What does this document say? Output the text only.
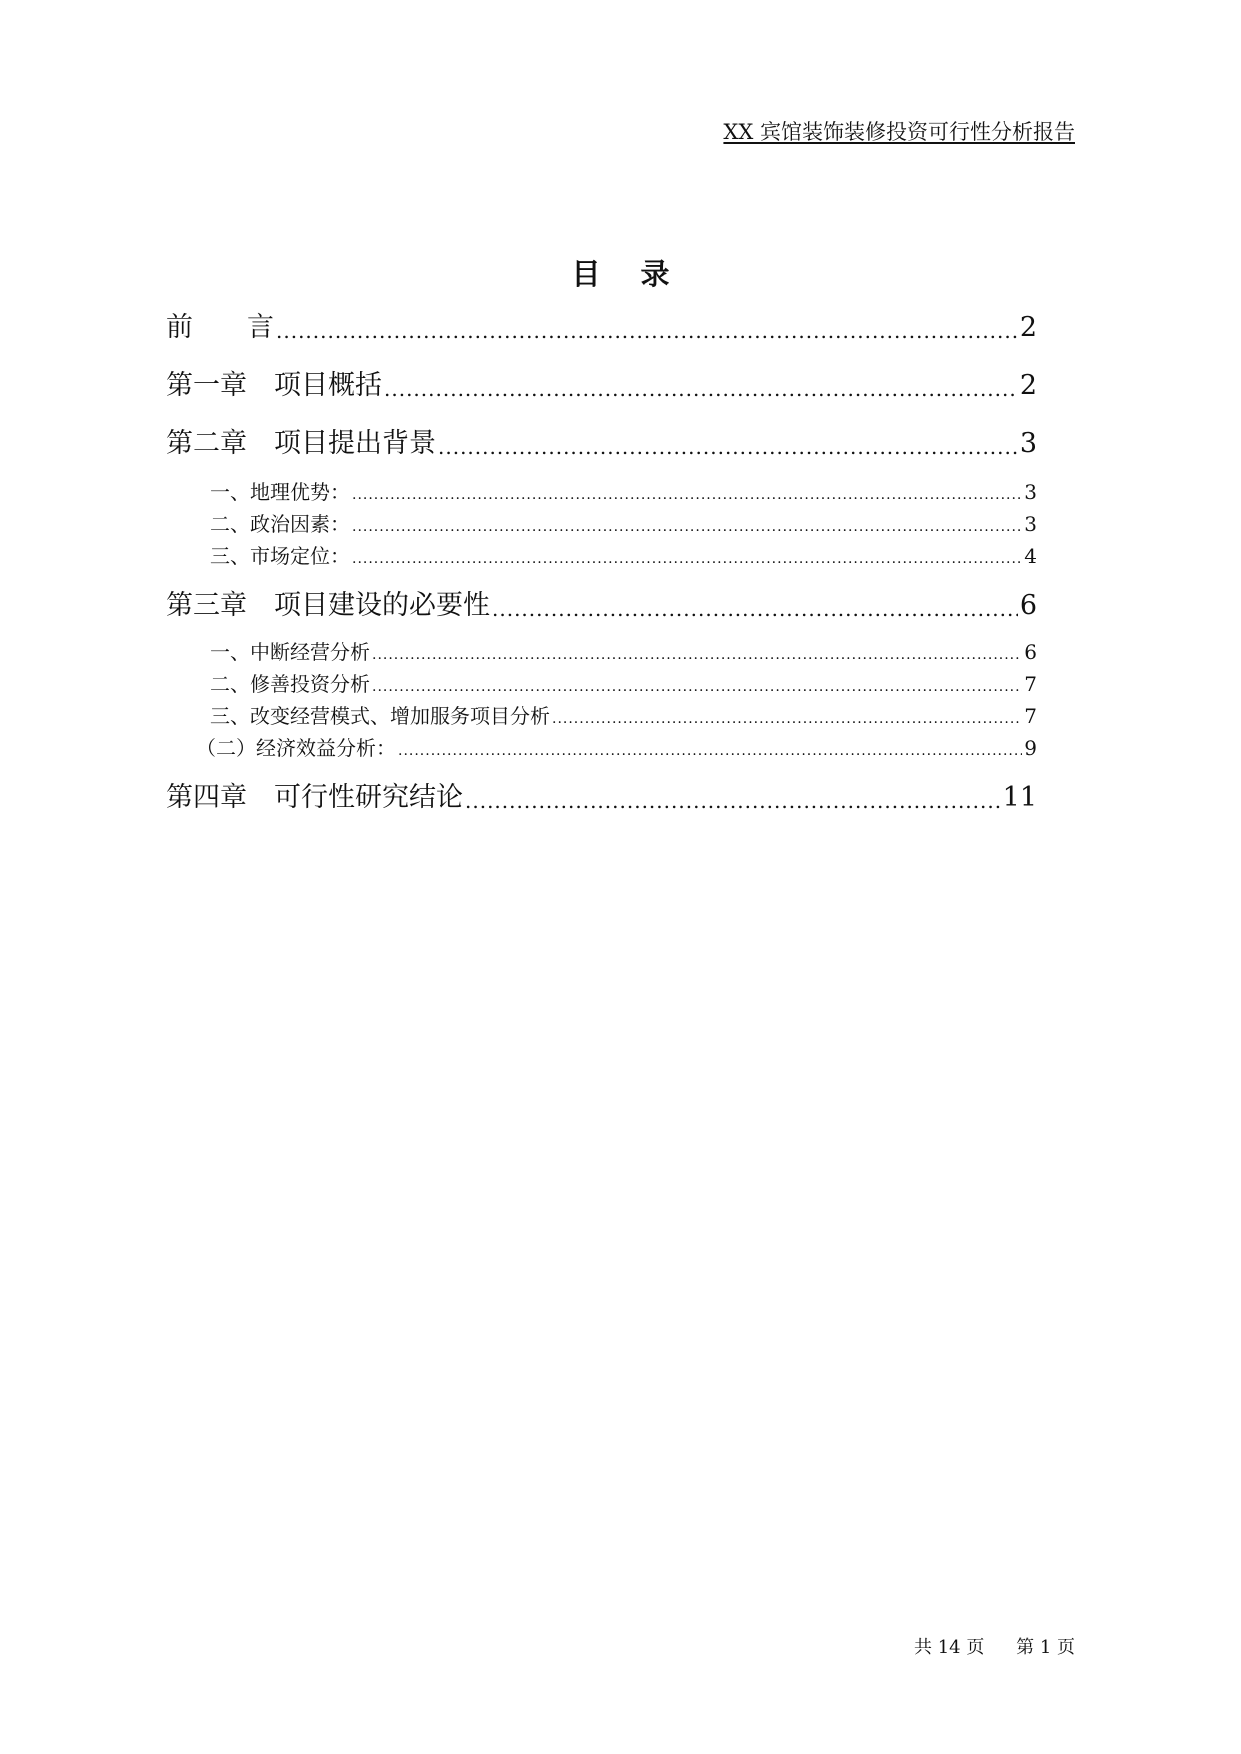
XX 宾馆装饰装修投资可行性分析报告
目录
前　　言 .....	2
第一章　项目概括 .....	2
第二章　项目提出背景 .....	3
一、地理优势： .....	3
二、政治因素： .....	3
三、市场定位： .....	4
第三章　项目建设的必要性 .....	6
一、中断经营分析 .....	6
二、修善投资分析 .....	7
三、改变经营模式、增加服务项目分析 .....	7
（二）经济效益分析： .....	9
第四章　可行性研究结论 .....	11
共 14 页 第 1 页
